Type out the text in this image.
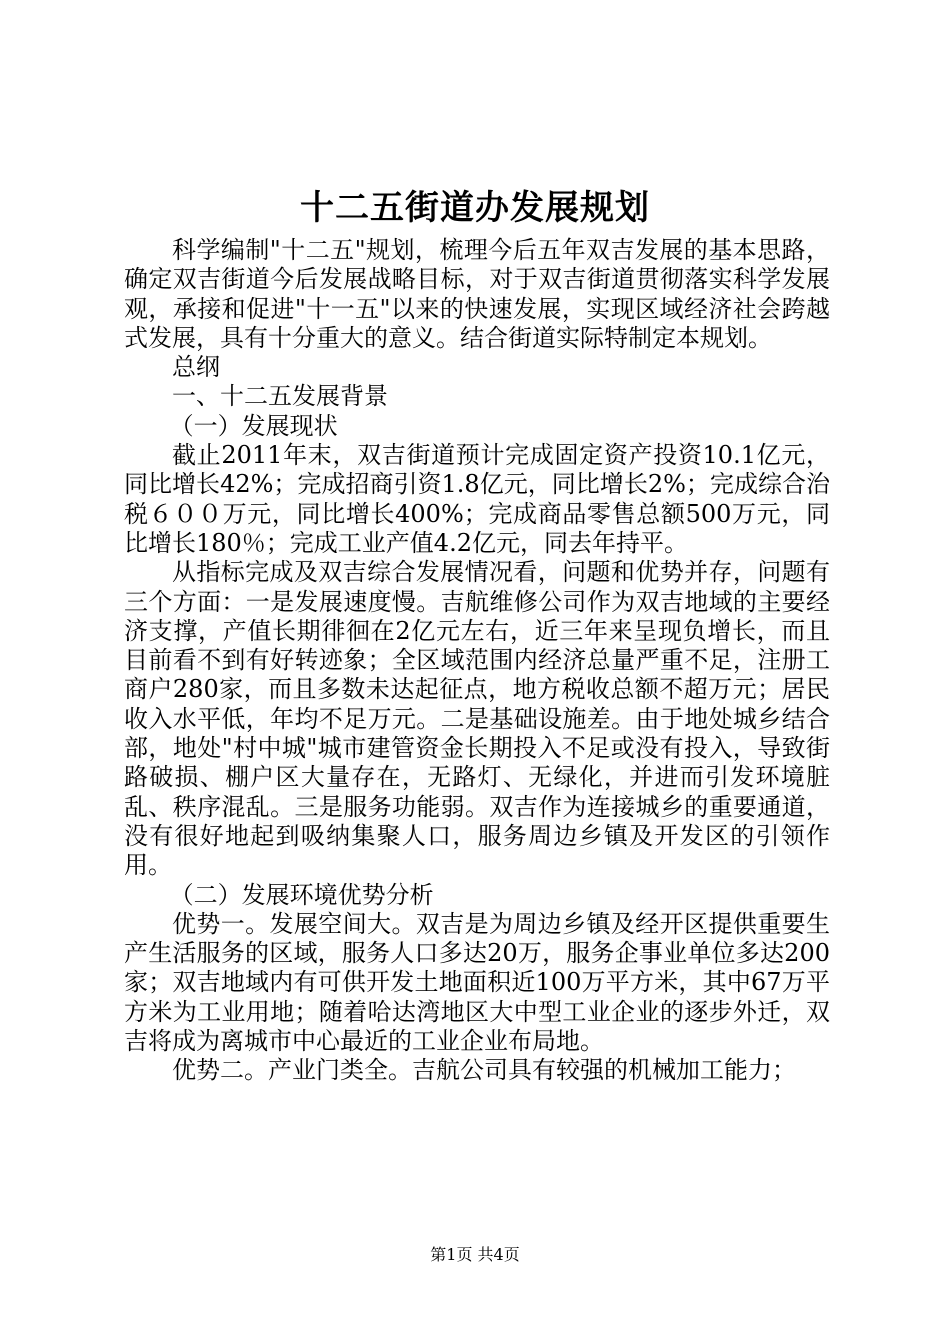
十二五街道办发展规划

科学编制"十二五"规划，梳理今后五年双吉发展的基本思路，确定双吉街道今后发展战略目标，对于双吉街道贯彻落实科学发展观，承接和促进"十一五"以来的快速发展，实现区域经济社会跨越式发展，具有十分重大的意义。结合街道实际特制定本规划。

总纲

一、十二五发展背景

（一）发展现状

截止2011年末，双吉街道预计完成固定资产投资10.1亿元，同比增长42%；完成招商引资1.8亿元，同比增长2%；完成综合治税６００万元，同比增长400%；完成商品零售总额500万元，同比增长180％；完成工业产值4.2亿元，同去年持平。

从指标完成及双吉综合发展情况看，问题和优势并存，问题有三个方面：一是发展速度慢。吉航维修公司作为双吉地域的主要经济支撑，产值长期徘徊在2亿元左右，近三年来呈现负增长，而且目前看不到有好转迹象；全区域范围内经济总量严重不足，注册工商户280家，而且多数未达起征点，地方税收总额不超万元；居民收入水平低，年均不足万元。二是基础设施差。由于地处城乡结合部，地处"村中城"城市建管资金长期投入不足或没有投入，导致街路破损、棚户区大量存在，无路灯、无绿化，并进而引发环境脏乱、秩序混乱。三是服务功能弱。双吉作为连接城乡的重要通道，没有很好地起到吸纳集聚人口，服务周边乡镇及开发区的引领作用。

（二）发展环境优势分析

优势一。发展空间大。双吉是为周边乡镇及经开区提供重要生产生活服务的区域，服务人口多达20万，服务企事业单位多达200家；双吉地域内有可供开发土地面积近100万平方米，其中67万平方米为工业用地；随着哈达湾地区大中型工业企业的逐步外迁，双吉将成为离城市中心最近的工业企业布局地。

优势二。产业门类全。吉航公司具有较强的机械加工能力；

第1页 共4页
